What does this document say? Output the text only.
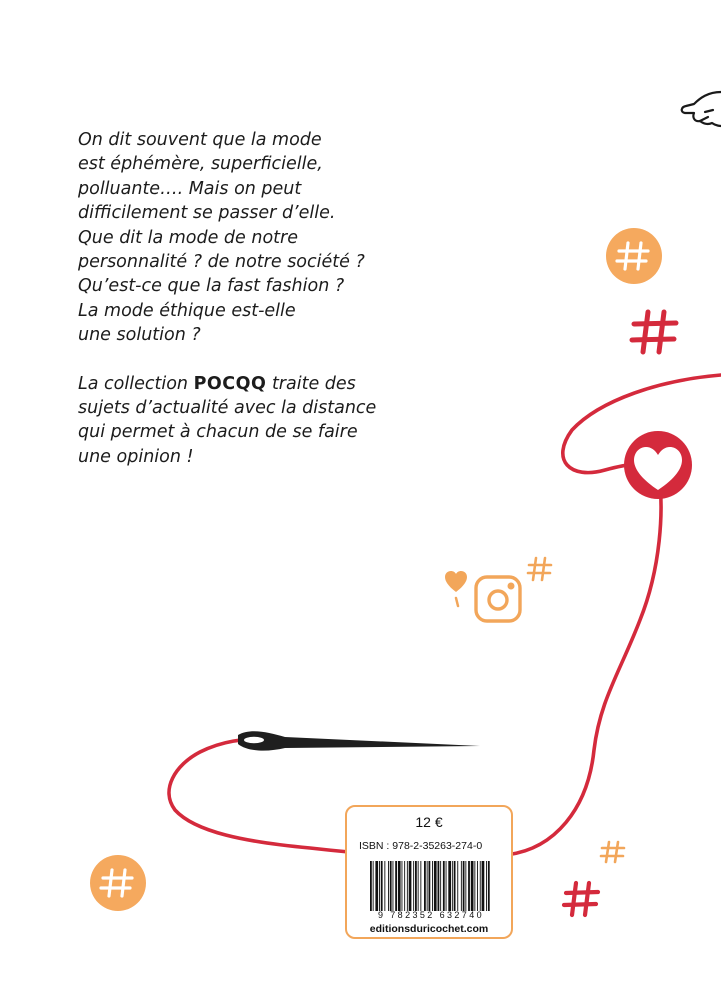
On dit souvent que la mode
est éphémère, superficielle,
polluante…. Mais on peut
difficilement se passer d’elle.
Que dit la mode de notre
personnalité ? de notre société ?
Qu’est-ce que la fast fashion ?
La mode éthique est-elle
une solution ?

La collection POCQQ traite des
sujets d’actualité avec la distance
qui permet à chacun de se faire
une opinion !

12 €
ISBN : 978-2-35263-274-0
9 782352 632740
editionsduricochet.com
